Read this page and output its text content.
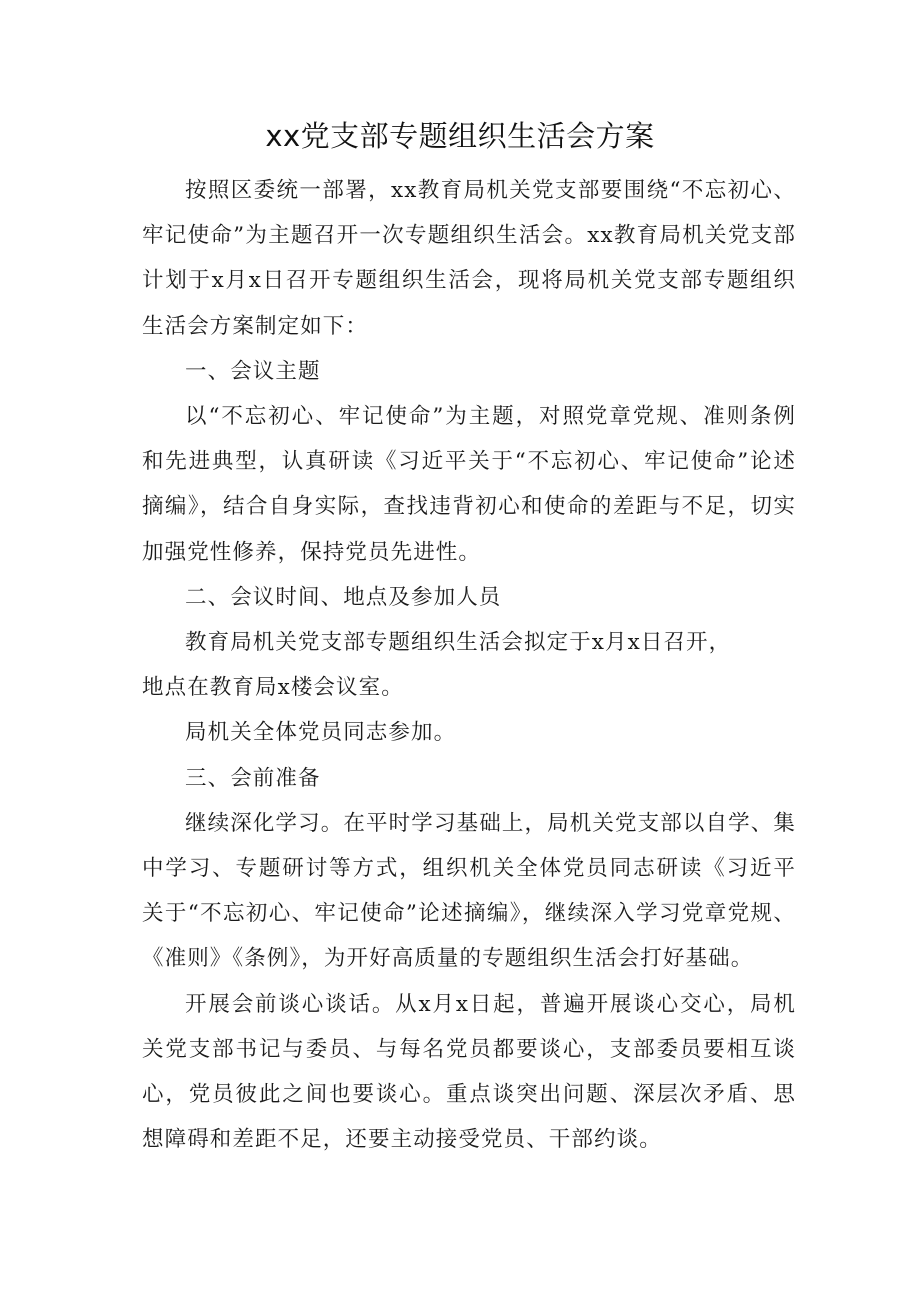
xx党支部专题组织生活会方案

按照区委统一部署，xx教育局机关党支部要围绕“不忘初心、牢记使命”为主题召开一次专题组织生活会。xx教育局机关党支部计划于x月x日召开专题组织生活会，现将局机关党支部专题组织生活会方案制定如下：

一、会议主题

以“不忘初心、牢记使命”为主题，对照党章党规、准则条例和先进典型，认真研读《习近平关于“不忘初心、牢记使命”论述摘编》，结合自身实际，查找违背初心和使命的差距与不足，切实加强党性修养，保持党员先进性。

二、会议时间、地点及参加人员

教育局机关党支部专题组织生活会拟定于x月x日召开，

地点在教育局x楼会议室。

局机关全体党员同志参加。

三、会前准备

继续深化学习。在平时学习基础上，局机关党支部以自学、集中学习、专题研讨等方式，组织机关全体党员同志研读《习近平关于“不忘初心、牢记使命”论述摘编》，继续深入学习党章党规、《准则》《条例》，为开好高质量的专题组织生活会打好基础。

开展会前谈心谈话。从x月x日起，普遍开展谈心交心，局机关党支部书记与委员、与每名党员都要谈心，支部委员要相互谈心，党员彼此之间也要谈心。重点谈突出问题、深层次矛盾、思想障碍和差距不足，还要主动接受党员、干部约谈。
